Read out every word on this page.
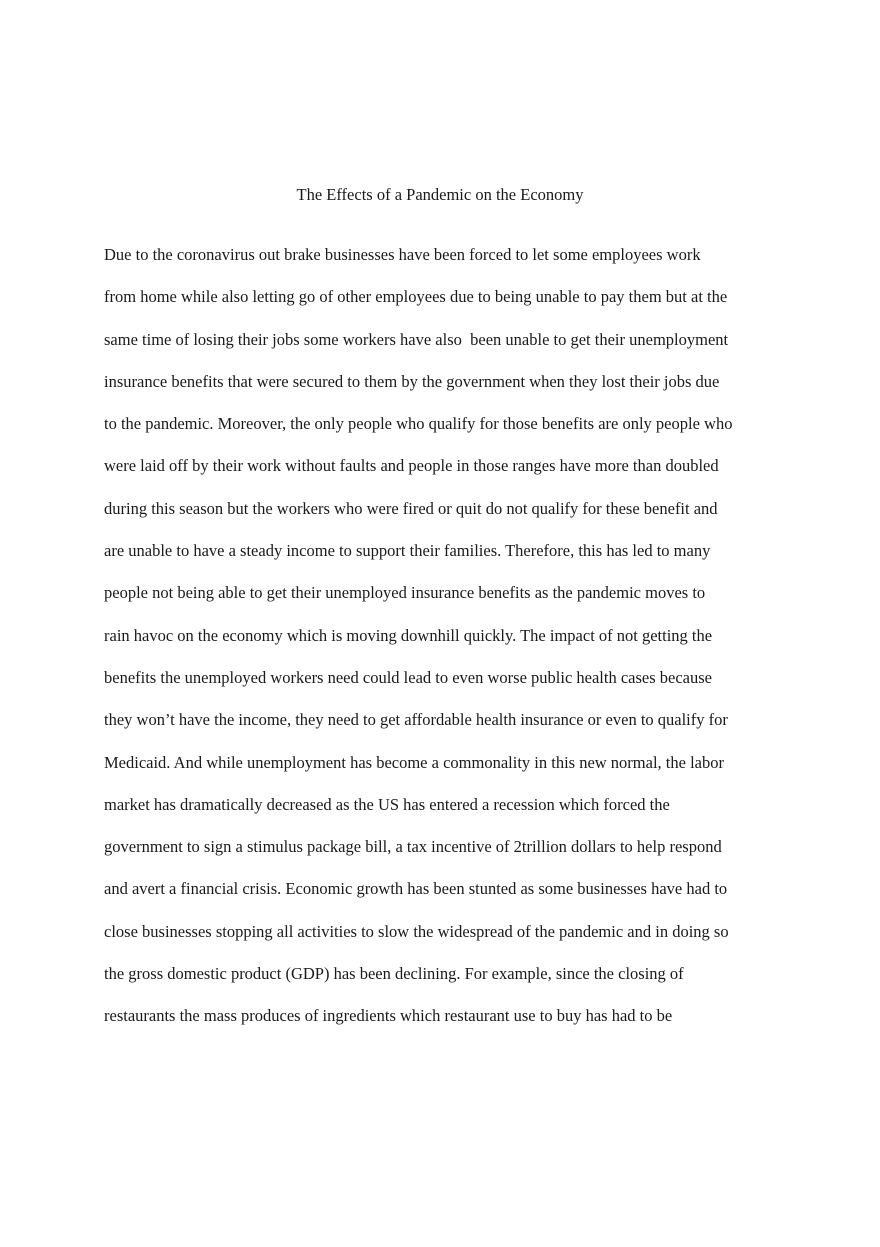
The Effects of a Pandemic on the Economy
Due to the coronavirus out brake businesses have been forced to let some employees work
from home while also letting go of other employees due to being unable to pay them but at the
same time of losing their jobs some workers have also  been unable to get their unemployment
insurance benefits that were secured to them by the government when they lost their jobs due
to the pandemic. Moreover, the only people who qualify for those benefits are only people who
were laid off by their work without faults and people in those ranges have more than doubled
during this season but the workers who were fired or quit do not qualify for these benefit and
are unable to have a steady income to support their families. Therefore, this has led to many
people not being able to get their unemployed insurance benefits as the pandemic moves to
rain havoc on the economy which is moving downhill quickly. The impact of not getting the
benefits the unemployed workers need could lead to even worse public health cases because
they won’t have the income, they need to get affordable health insurance or even to qualify for
Medicaid. And while unemployment has become a commonality in this new normal, the labor
market has dramatically decreased as the US has entered a recession which forced the
government to sign a stimulus package bill, a tax incentive of 2trillion dollars to help respond
and avert a financial crisis. Economic growth has been stunted as some businesses have had to
close businesses stopping all activities to slow the widespread of the pandemic and in doing so
the gross domestic product (GDP) has been declining. For example, since the closing of
restaurants the mass produces of ingredients which restaurant use to buy has had to be
